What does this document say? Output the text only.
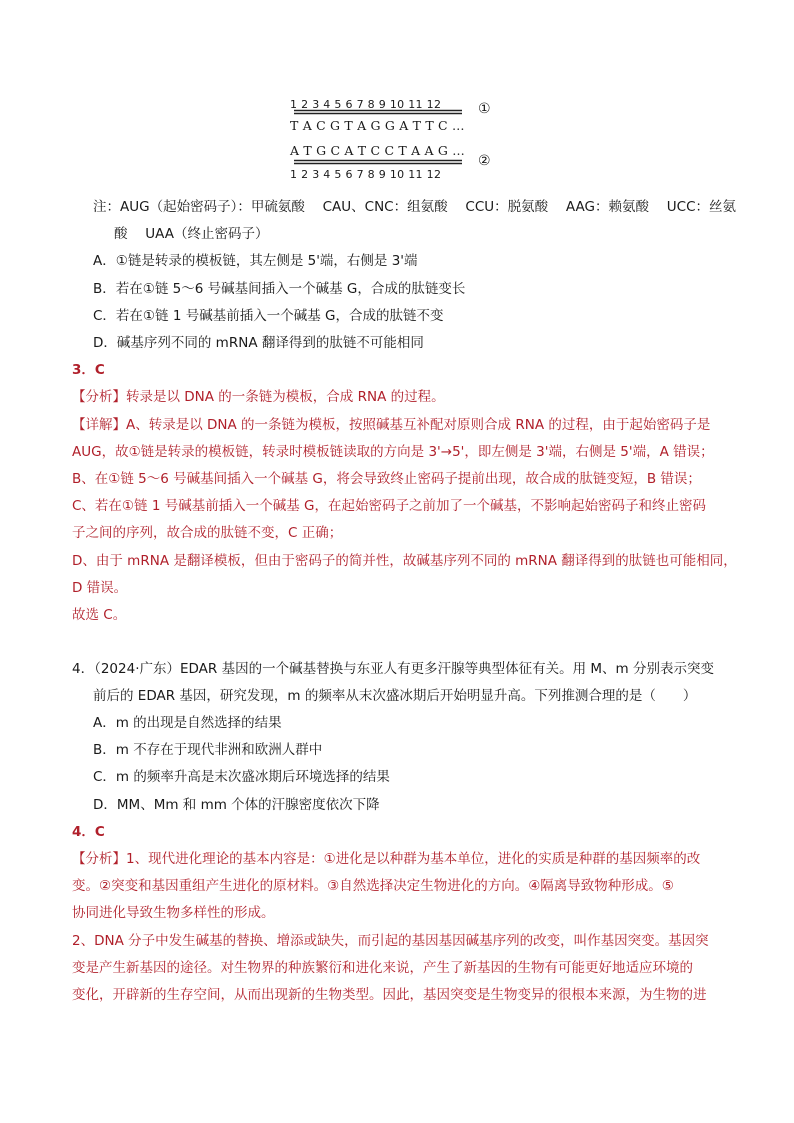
1 2 3 4 5 6 7 8 9 10 11 12	①
T A C G T A G G A T T C …
A T G C A T C C T A A G …
②
1 2 3 4 5 6 7 8 9 10 11 12
注：AUG（起始密码子）：甲硫氨酸　 CAU、CNC：组氨酸　 CCU：脱氨酸　 AAG：赖氨酸　 UCC：丝氨
酸　 UAA（终止密码子）
A．①链是转录的模板链，其左侧是 5'端，右侧是 3'端
B．若在①链 5～6 号碱基间插入一个碱基 G，合成的肽链变长
C．若在①链 1 号碱基前插入一个碱基 G，合成的肽链不变
D．碱基序列不同的 mRNA 翻译得到的肽链不可能相同
3．C
【分析】转录是以 DNA 的一条链为模板，合成 RNA 的过程。
【详解】A、转录是以 DNA 的一条链为模板，按照碱基互补配对原则合成 RNA 的过程，由于起始密码子是
AUG，故①链是转录的模板链，转录时模板链读取的方向是 3'→5'，即左侧是 3'端，右侧是 5'端，A 错误；
B、在①链 5～6 号碱基间插入一个碱基 G，将会导致终止密码子提前出现，故合成的肽链变短，B 错误；
C、若在①链 1 号碱基前插入一个碱基 G，在起始密码子之前加了一个碱基，不影响起始密码子和终止密码
子之间的序列，故合成的肽链不变，C 正确；
D、由于 mRNA 是翻译模板，但由于密码子的简并性，故碱基序列不同的 mRNA 翻译得到的肽链也可能相同，
D 错误。
故选 C。
4．（2024·广东）EDAR 基因的一个碱基替换与东亚人有更多汗腺等典型体征有关。用 M、m 分别表示突变
前后的 EDAR 基因，研究发现，m 的频率从末次盛冰期后开始明显升高。下列推测合理的是（　　）
A．m 的出现是自然选择的结果
B．m 不存在于现代非洲和欧洲人群中
C．m 的频率升高是末次盛冰期后环境选择的结果
D．MM、Mm 和 mm 个体的汗腺密度依次下降
4．C
【分析】1、现代进化理论的基本内容是：①进化是以种群为基本单位，进化的实质是种群的基因频率的改
变。②突变和基因重组产生进化的原材料。③自然选择决定生物进化的方向。④隔离导致物种形成。⑤
协同进化导致生物多样性的形成。
2、DNA 分子中发生碱基的替换、增添或缺失，而引起的基因基因碱基序列的改变，叫作基因突变。基因突
变是产生新基因的途径。对生物界的种族繁衍和进化来说，产生了新基因的生物有可能更好地适应环境的
变化，开辟新的生存空间，从而出现新的生物类型。因此，基因突变是生物变异的很根本来源，为生物的进
